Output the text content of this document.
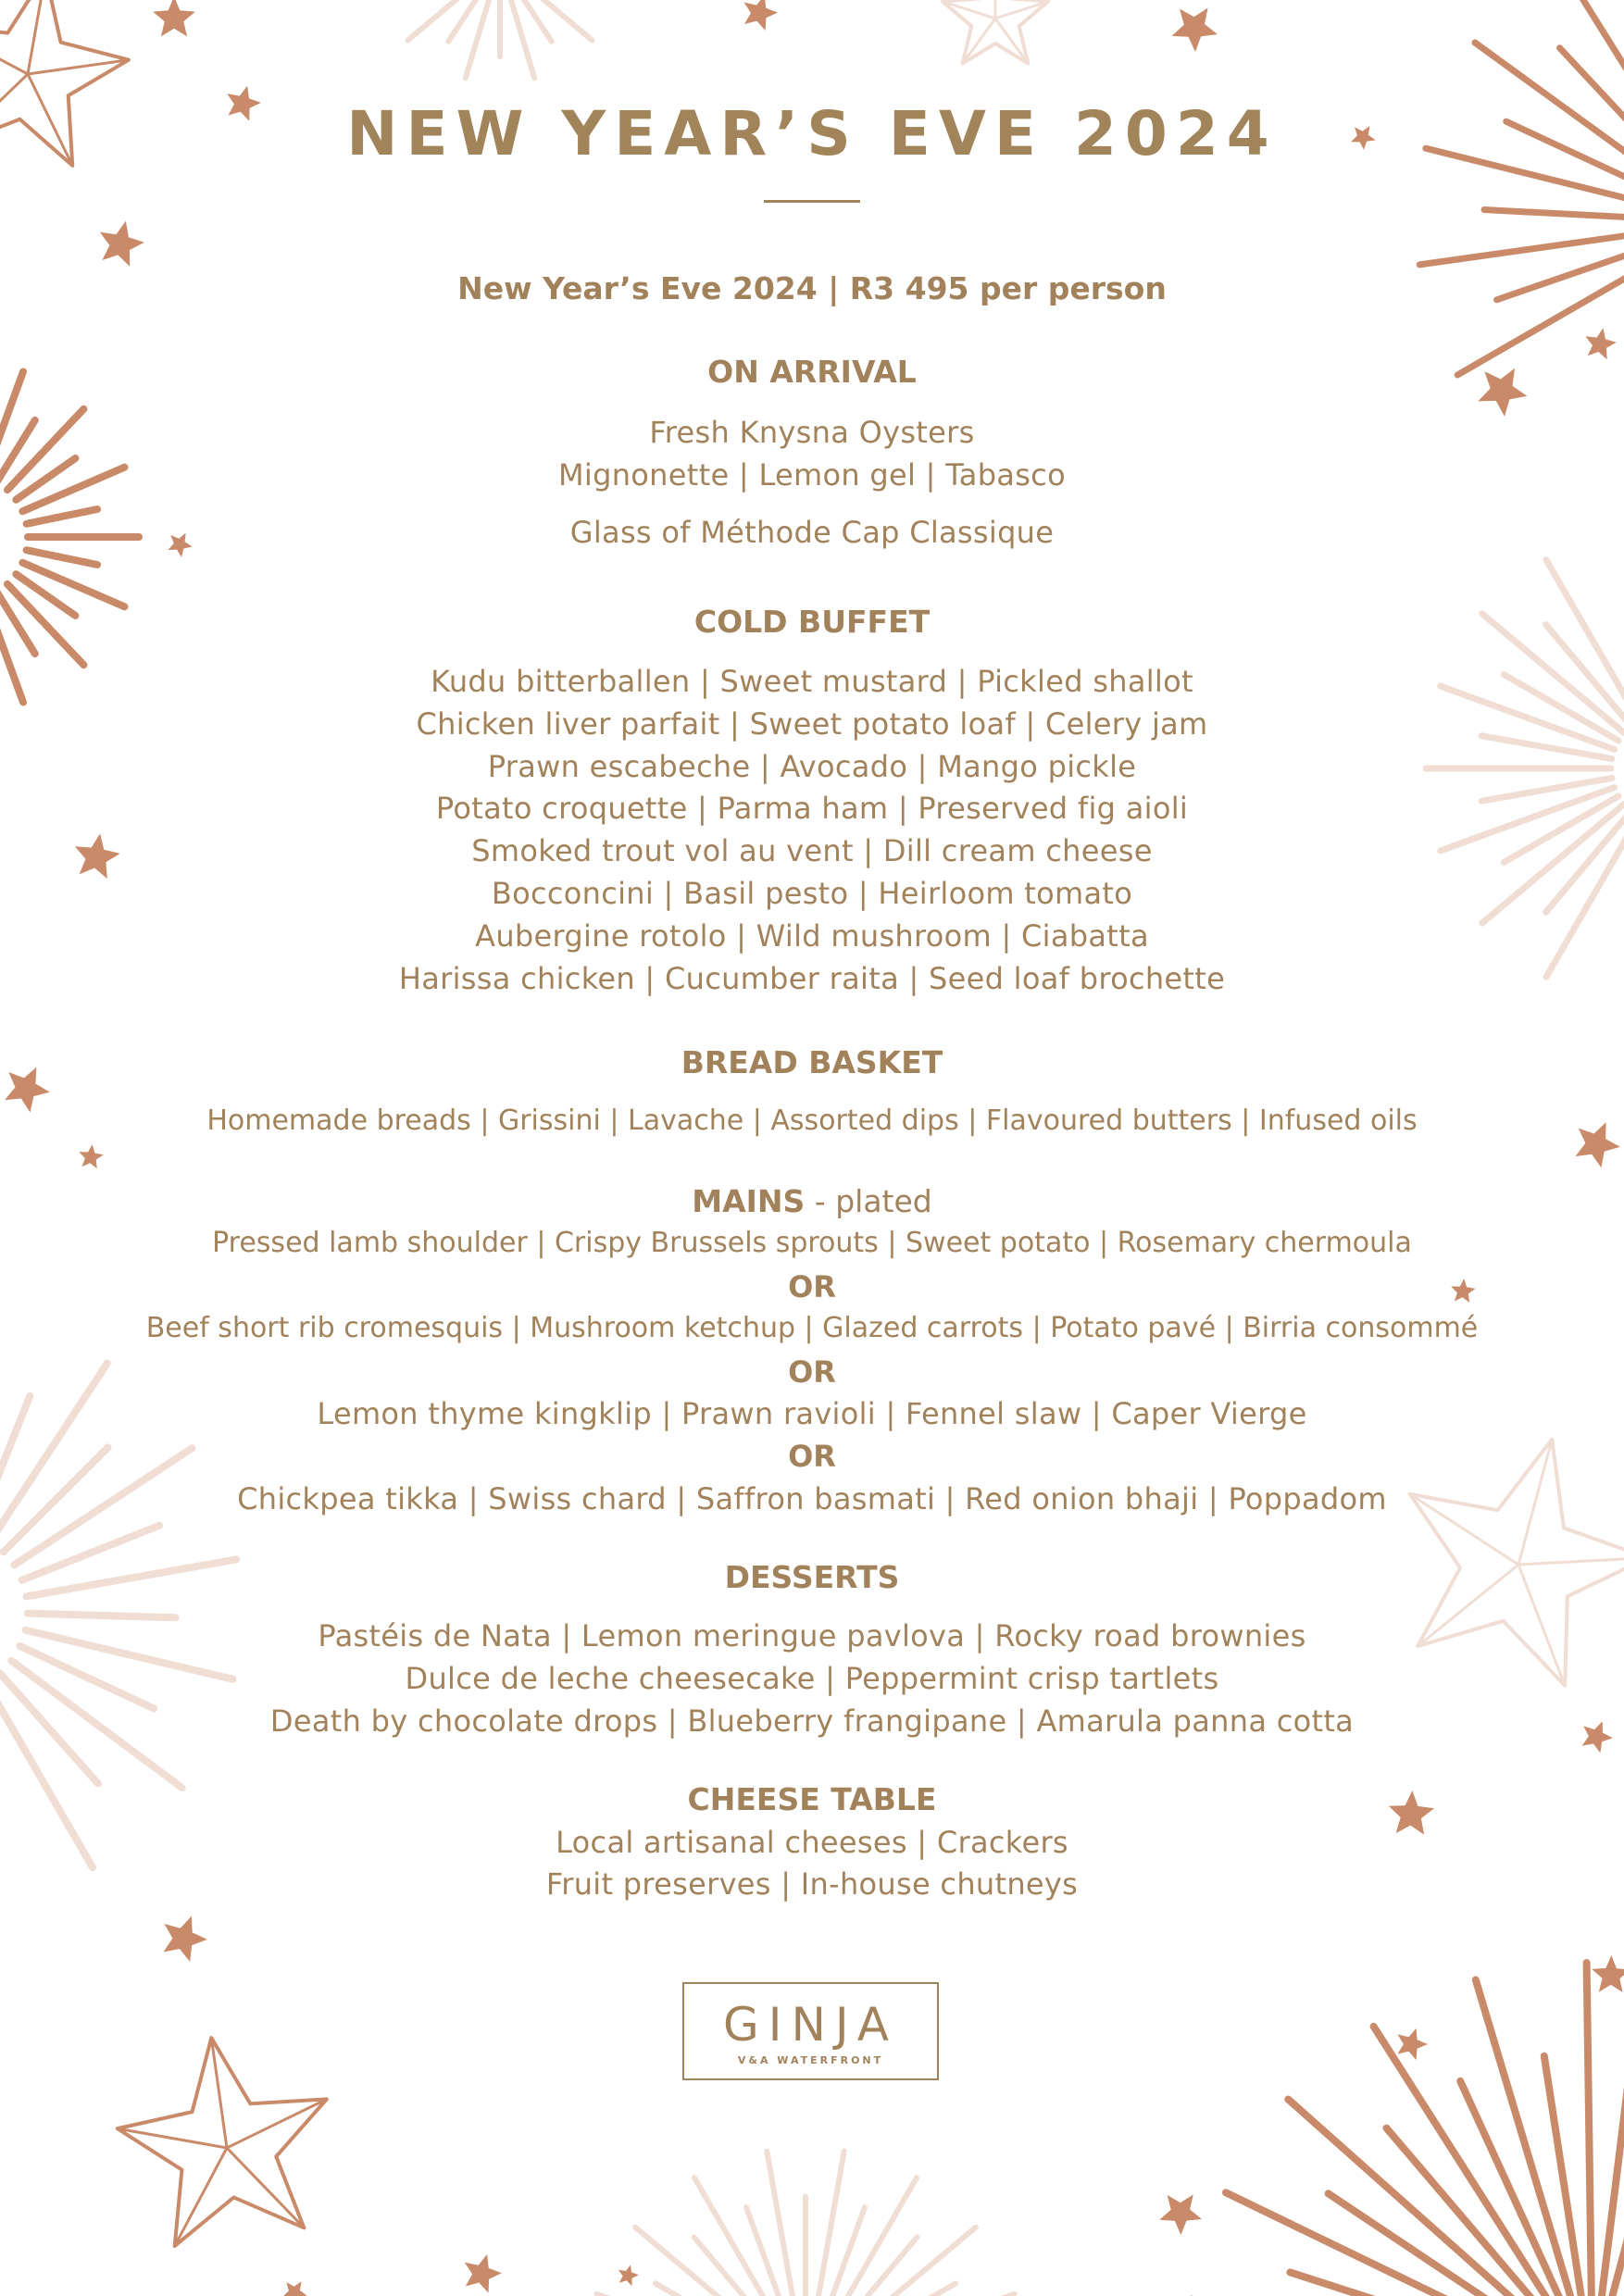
NEW YEAR’S EVE 2024
New Year’s Eve 2024 | R3 495 per person
ON ARRIVAL
Fresh Knysna Oysters
Mignonette | Lemon gel | Tabasco
Glass of Méthode Cap Classique
COLD BUFFET
Kudu bitterballen | Sweet mustard | Pickled shallot
Chicken liver parfait | Sweet potato loaf | Celery jam
Prawn escabeche | Avocado | Mango pickle
Potato croquette | Parma ham | Preserved fig aioli
Smoked trout vol au vent | Dill cream cheese
Bocconcini | Basil pesto | Heirloom tomato
Aubergine rotolo | Wild mushroom | Ciabatta
Harissa chicken | Cucumber raita | Seed loaf brochette
BREAD BASKET
Homemade breads | Grissini | Lavache | Assorted dips | Flavoured butters | Infused oils
MAINS - plated
Pressed lamb shoulder | Crispy Brussels sprouts | Sweet potato | Rosemary chermoula
OR
Beef short rib cromesquis | Mushroom ketchup | Glazed carrots | Potato pavé | Birria consommé
OR
Lemon thyme kingklip | Prawn ravioli | Fennel slaw | Caper Vierge
OR
Chickpea tikka | Swiss chard | Saffron basmati | Red onion bhaji | Poppadom
DESSERTS
Pastéis de Nata | Lemon meringue pavlova | Rocky road brownies
Dulce de leche cheesecake | Peppermint crisp tartlets
Death by chocolate drops | Blueberry frangipane | Amarula panna cotta
CHEESE TABLE
Local artisanal cheeses | Crackers
Fruit preserves | In-house chutneys
GINJA
V&A WATERFRONT
